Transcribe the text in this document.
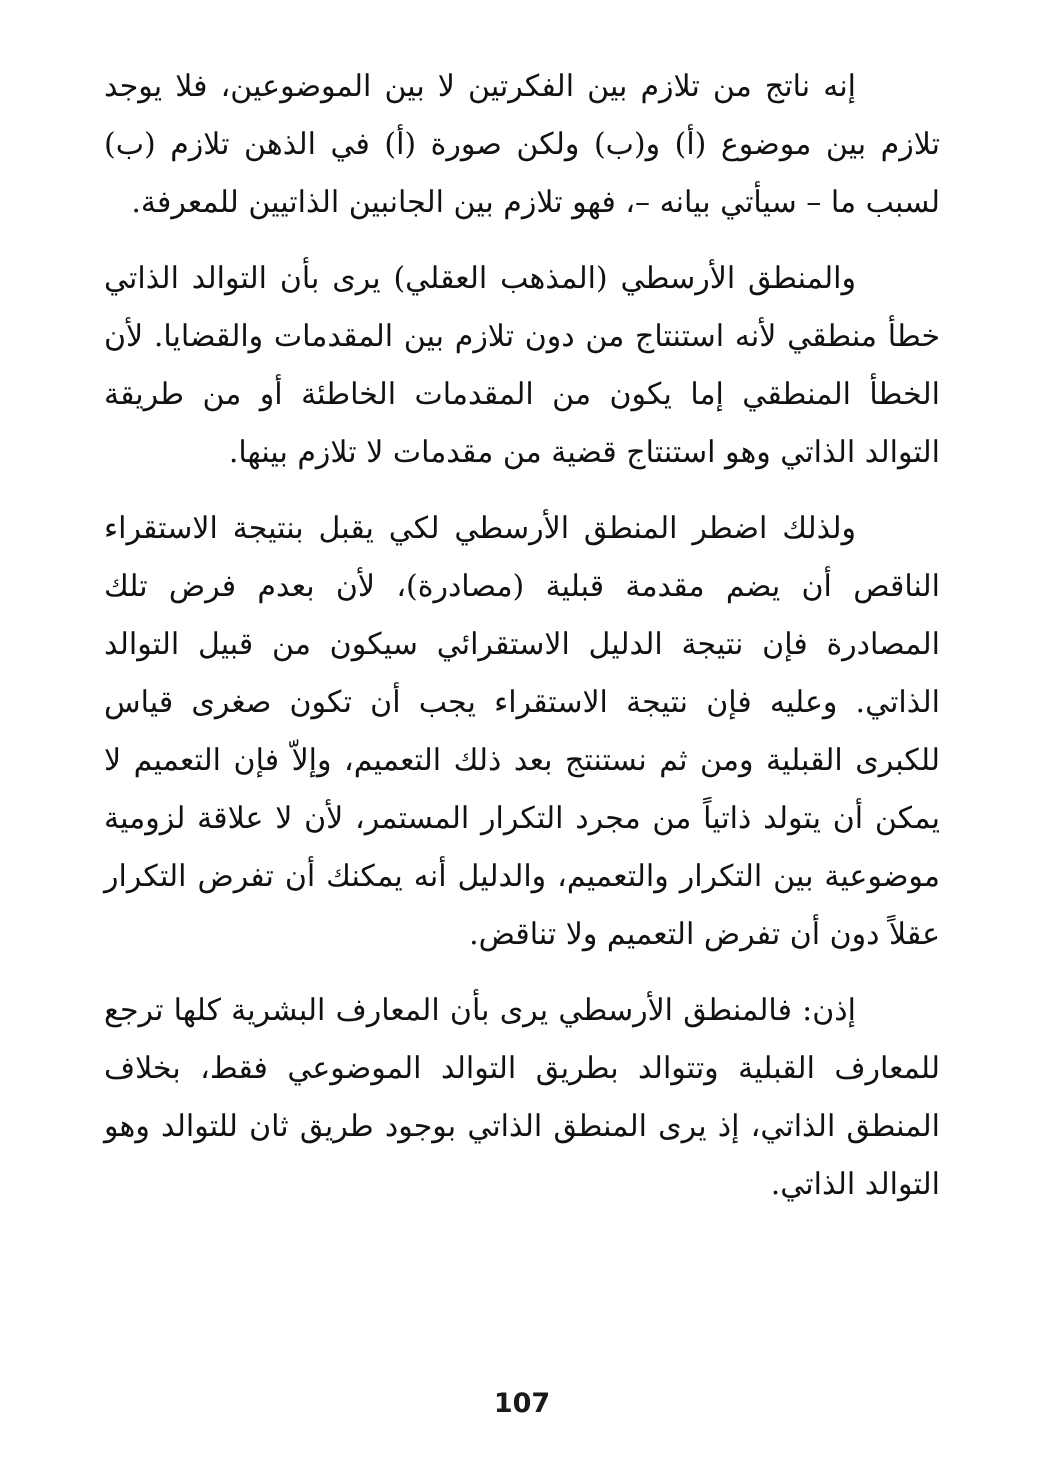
إنه ناتج من تلازم بين الفكرتين لا بين الموضوعين، فلا يوجد تلازم بين موضوع (أ) و(ب) ولكن صورة (أ) في الذهن تلازم (ب) لسبب ما – سيأتي بيانه –، فهو تلازم بين الجانبين الذاتيين للمعرفة.

والمنطق الأرسطي (المذهب العقلي) يرى بأن التوالد الذاتي خطأ منطقي لأنه استنتاج من دون تلازم بين المقدمات والقضايا. لأن الخطأ المنطقي إما يكون من المقدمات الخاطئة أو من طريقة التوالد الذاتي وهو استنتاج قضية من مقدمات لا تلازم بينها.

ولذلك اضطر المنطق الأرسطي لكي يقبل بنتيجة الاستقراء الناقص أن يضم مقدمة قبلية (مصادرة)، لأن بعدم فرض تلك المصادرة فإن نتيجة الدليل الاستقرائي سيكون من قبيل التوالد الذاتي. وعليه فإن نتيجة الاستقراء يجب أن تكون صغرى قياس للكبرى القبلية ومن ثم نستنتج بعد ذلك التعميم، وإلاّ فإن التعميم لا يمكن أن يتولد ذاتياً من مجرد التكرار المستمر، لأن لا علاقة لزومية موضوعية بين التكرار والتعميم، والدليل أنه يمكنك أن تفرض التكرار عقلاً دون أن تفرض التعميم ولا تناقض.

إذن: فالمنطق الأرسطي يرى بأن المعارف البشرية كلها ترجع للمعارف القبلية وتتوالد بطريق التوالد الموضوعي فقط، بخلاف المنطق الذاتي، إذ يرى المنطق الذاتي بوجود طريق ثان للتوالد وهو التوالد الذاتي.

107
